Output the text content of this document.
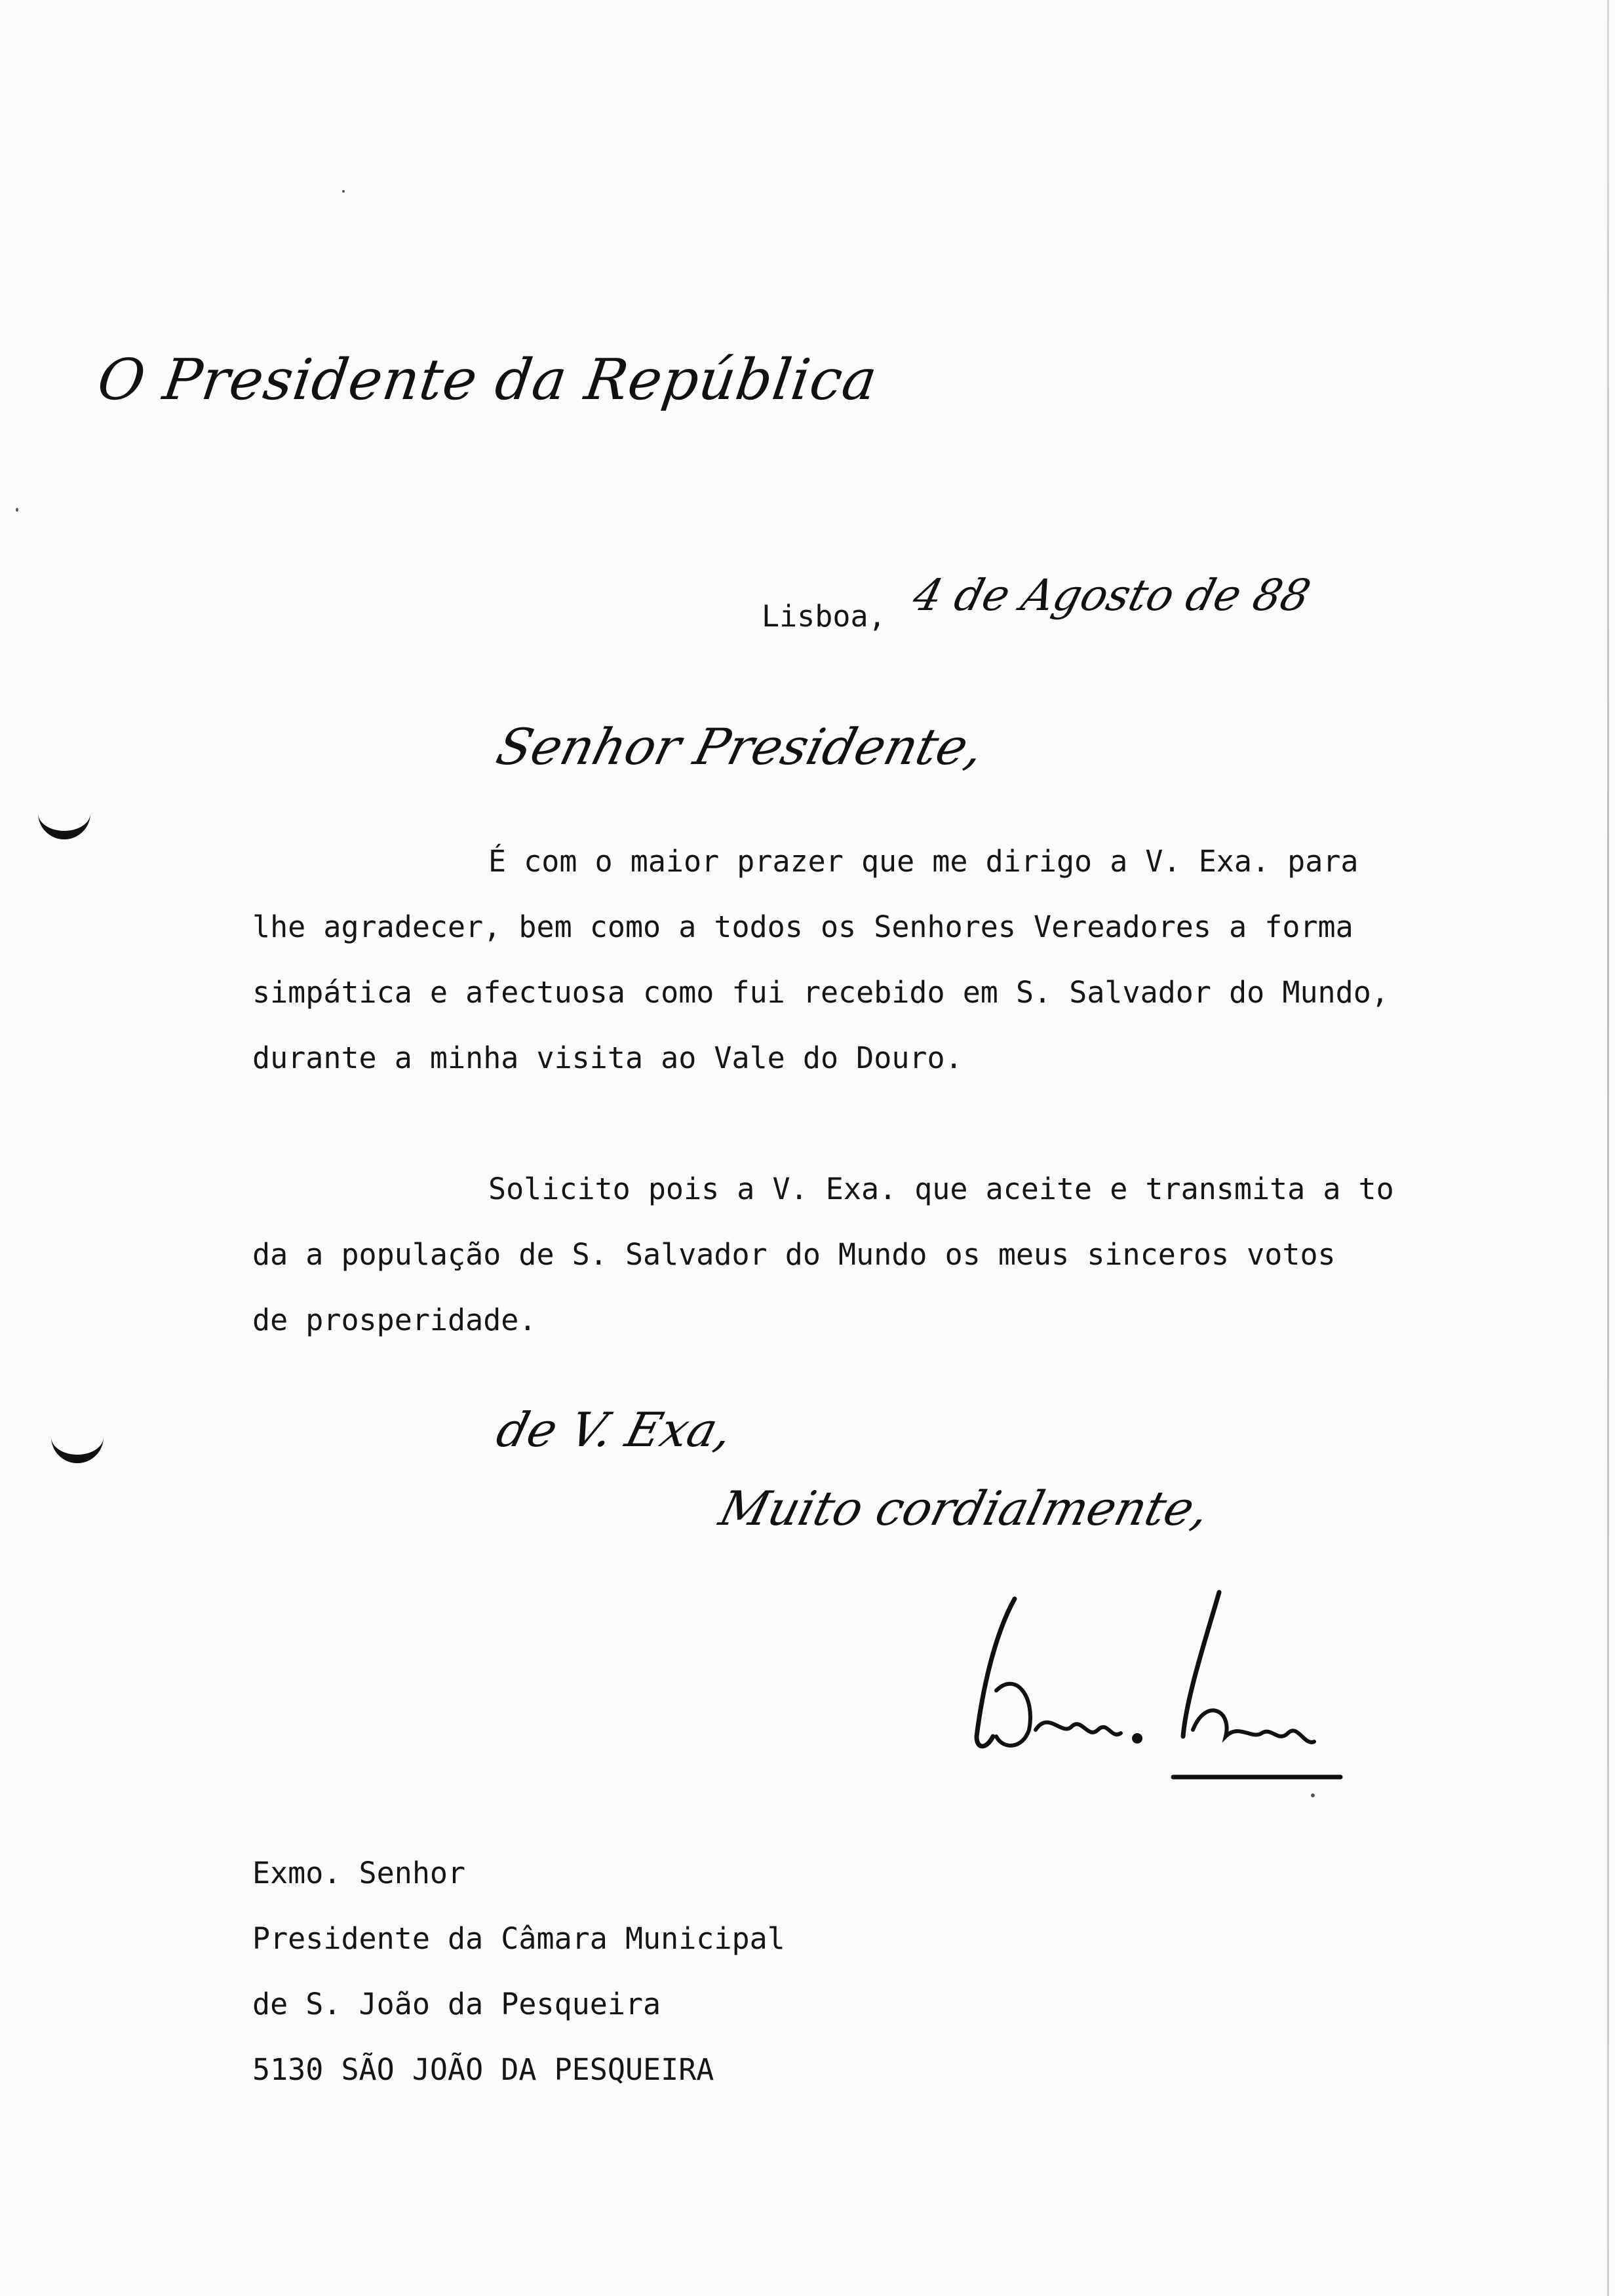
O Presidente da República
Lisboa, 4 de Agosto de 88
Senhor Presidente,
É com o maior prazer que me dirigo a V. Exa. para
lhe agradecer, bem como a todos os Senhores Vereadores a forma
simpática e afectuosa como fui recebido em S. Salvador do Mundo,
durante a minha visita ao Vale do Douro.
Solicito pois a V. Exa. que aceite e transmita a to
da a população de S. Salvador do Mundo os meus sinceros votos
de prosperidade.
de V. Exa,
Muito cordialmente,
Exmo. Senhor
Presidente da Câmara Municipal
de S. João da Pesqueira
5130 SÃO JOÃO DA PESQUEIRA
